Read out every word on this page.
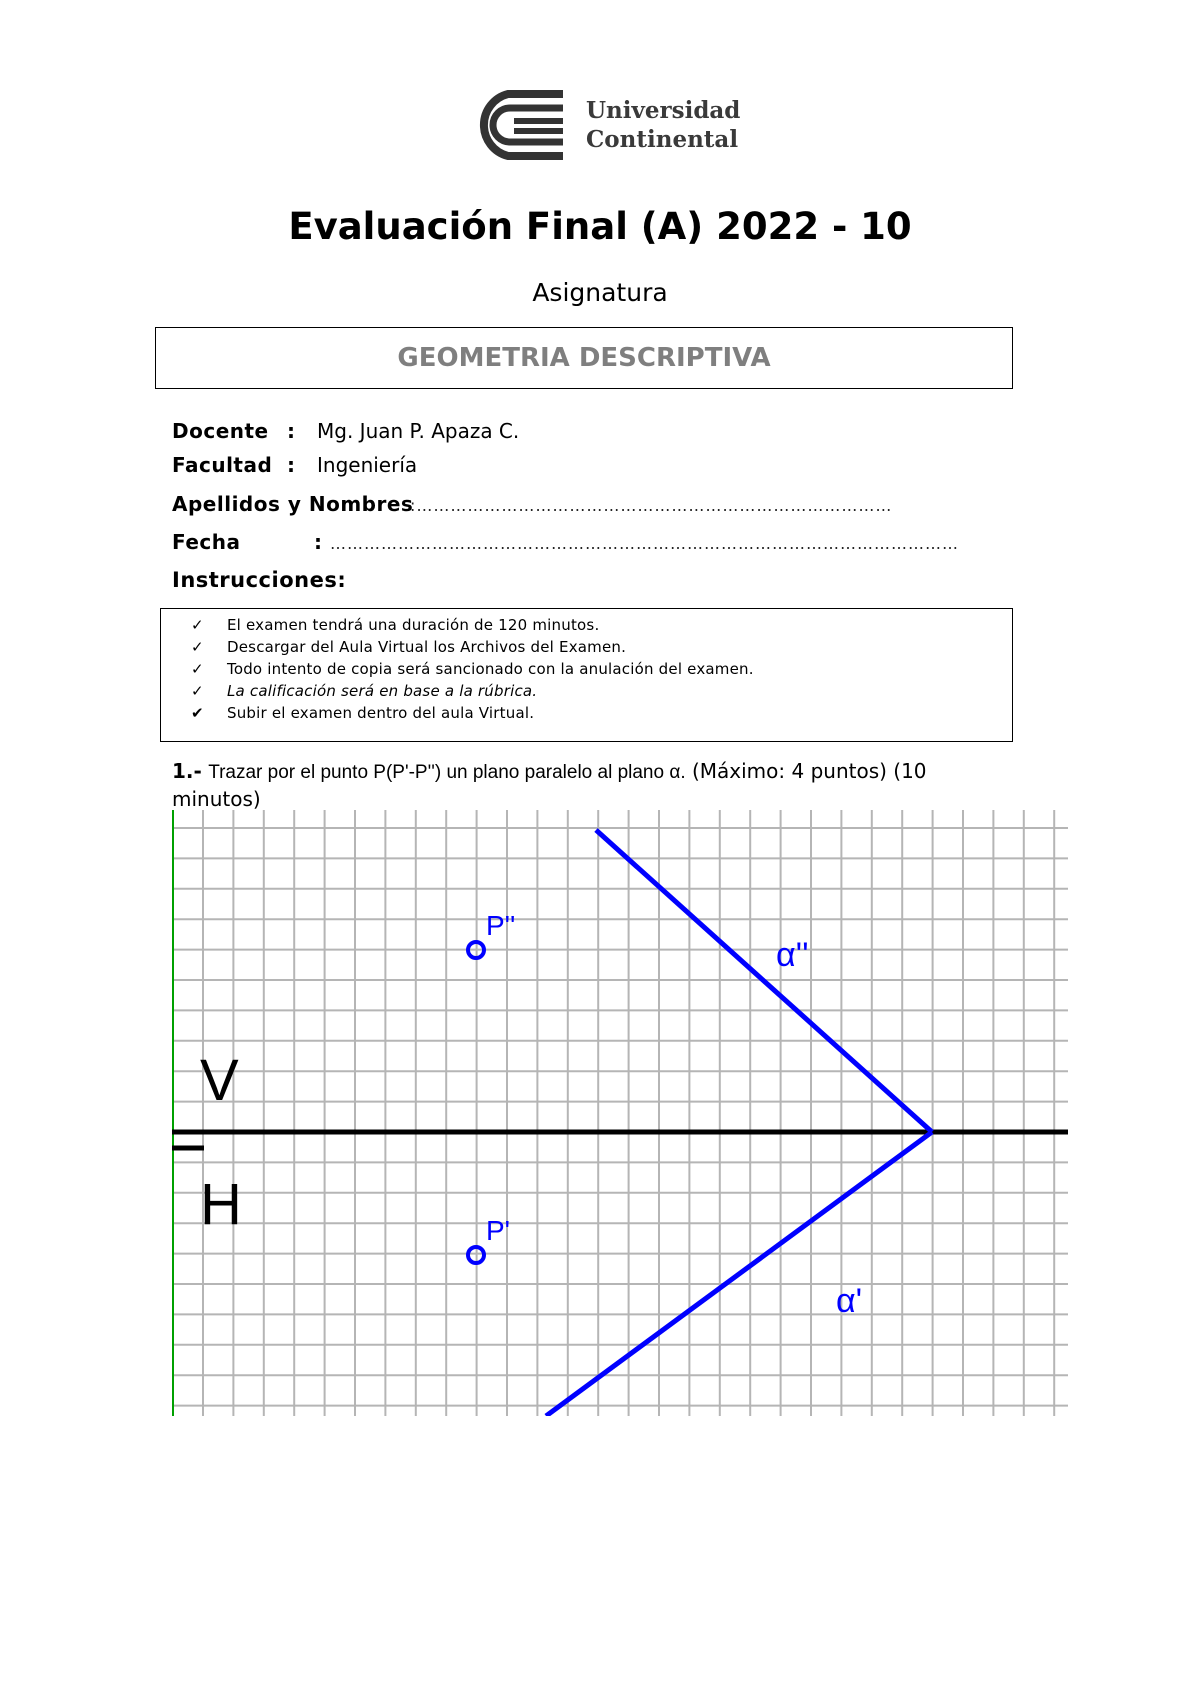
Universidad
Continental
Evaluación Final (A) 2022 - 10
Asignatura
GEOMETRIA DESCRIPTIVA
Docente : Mg. Juan P. Apaza C.
Facultad : Ingeniería
Apellidos y Nombres
:…………………………………………………………………………
Fecha	: …………………………………………………………………………………………………
Instrucciones:
✓	El examen tendrá una duración de 120 minutos.
✓	Descargar del Aula Virtual los Archivos del Examen.
✓	Todo intento de copia será sancionado con la anulación del examen.
✓	La calificación será en base a la rúbrica.
✔	Subir el examen dentro del aula Virtual.
1.- Trazar por el punto P(P'-P'') un plano paralelo al plano α. (Máximo: 4 puntos) (10 minutos)
V
H
P''
P'
α''
α'
